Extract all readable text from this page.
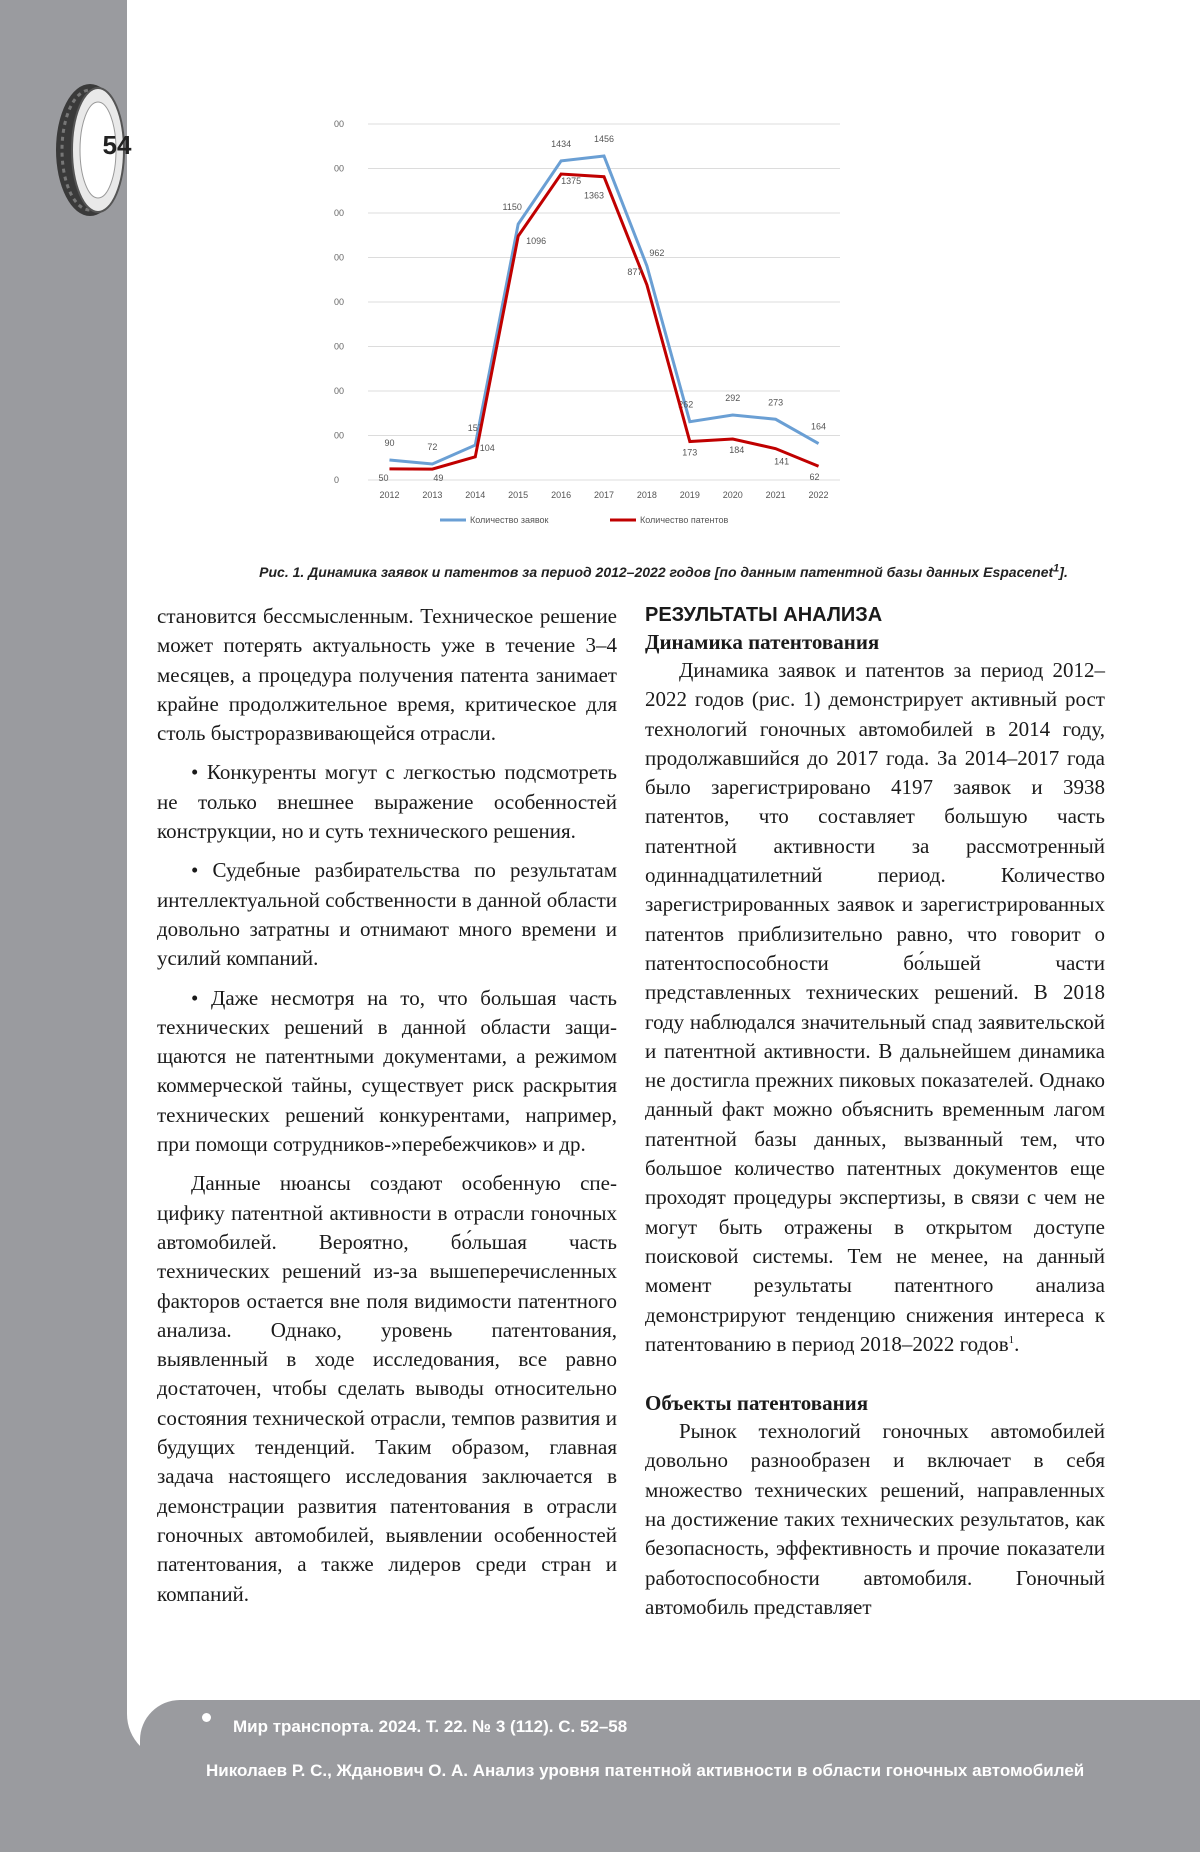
54
0
00
00
00
00
00
00
00
00
2012	2013	2014	2015	2016	2017	2018	2019	2020	2021	2022
90	72
157
1150
1434	1456
962
262
292	273
164
50	49
104
1096
1375
1363
877
173	184
141
62
Количество заявок	Количество патентов
Рис. 1. Динамика заявок и патентов за период 2012–2022 годов [по данным патентной базы данных Espacenet$^1$].

становится бессмысленным. Техническое решение может потерять актуальность уже в течение 3–4 месяцев, а процедура получения патента занимает крайне продолжительное время, критическое для столь быстроразвивающейся отрасли.

• Конкуренты могут с легкостью подсмотреть не только внешнее выражение особенностей конструкции, но и суть технического решения.

• Судебные разбирательства по результатам интеллектуальной собственности в данной области довольно затратны и отнимают много времени и усилий компаний.

• Даже несмотря на то, что большая часть технических решений в данной области защищаются не патентными документами, а режимом коммерческой тайны, существует риск раскрытия технических решений конкурентами, например, при помощи сотрудников-»перебежчиков» и др.

Данные нюансы создают особенную специфику патентной активности в отрасли гоночных автомобилей. Вероятно, бо́льшая часть технических решений из-за вышеперечисленных факторов остается вне поля видимости патентного анализа. Однако, уровень патентования, выявленный в ходе исследования, все равно достаточен, чтобы сделать выводы относительно состояния технической отрасли, темпов развития и будущих тенденций. Таким образом, главная задача настоящего исследования заключается в демонстрации развития патентования в отрасли гоночных автомобилей, выявлении особенностей патентования, а также лидеров среди стран и компаний.

РЕЗУЛЬТАТЫ АНАЛИЗА
Динамика патентования

Динамика заявок и патентов за период 2012–2022 годов (рис. 1) демонстрирует активный рост технологий гоночных автомобилей в 2014 году, продолжавшийся до 2017 года. За 2014–2017 года было зарегистрировано 4197 заявок и 3938 патентов, что составляет большую часть патентной активности за рассмотренный одиннадцатилетний период. Количество зарегистрированных заявок и зарегистрированных патентов приблизительно равно, что говорит о патентоспособности бо́льшей части представленных технических решений. В 2018 году наблюдался значительный спад заявительской и патентной активности. В дальнейшем динамика не достигла прежних пиковых показателей. Однако данный факт можно объяснить временным лагом патентной базы данных, вызванный тем, что большое количество патентных документов еще проходят процедуры экспертизы, в связи с чем не могут быть отражены в открытом доступе поисковой системы. Тем не менее, на данный момент результаты патентного анализа демонстрируют тенденцию снижения интереса к патентованию в период 2018–2022 годов$^1$.

Объекты патентования

Рынок технологий гоночных автомобилей довольно разнообразен и включает в себя множество технических решений, направленных на достижение таких технических результатов, как безопасность, эффективность и прочие показатели работоспособности автомобиля. Гоночный автомобиль представляет

Мир транспорта. 2024. Т. 22. № 3 (112). С. 52–58
Николаев Р. С., Жданович О. А. Анализ уровня патентной активности в области гоночных автомобилей
